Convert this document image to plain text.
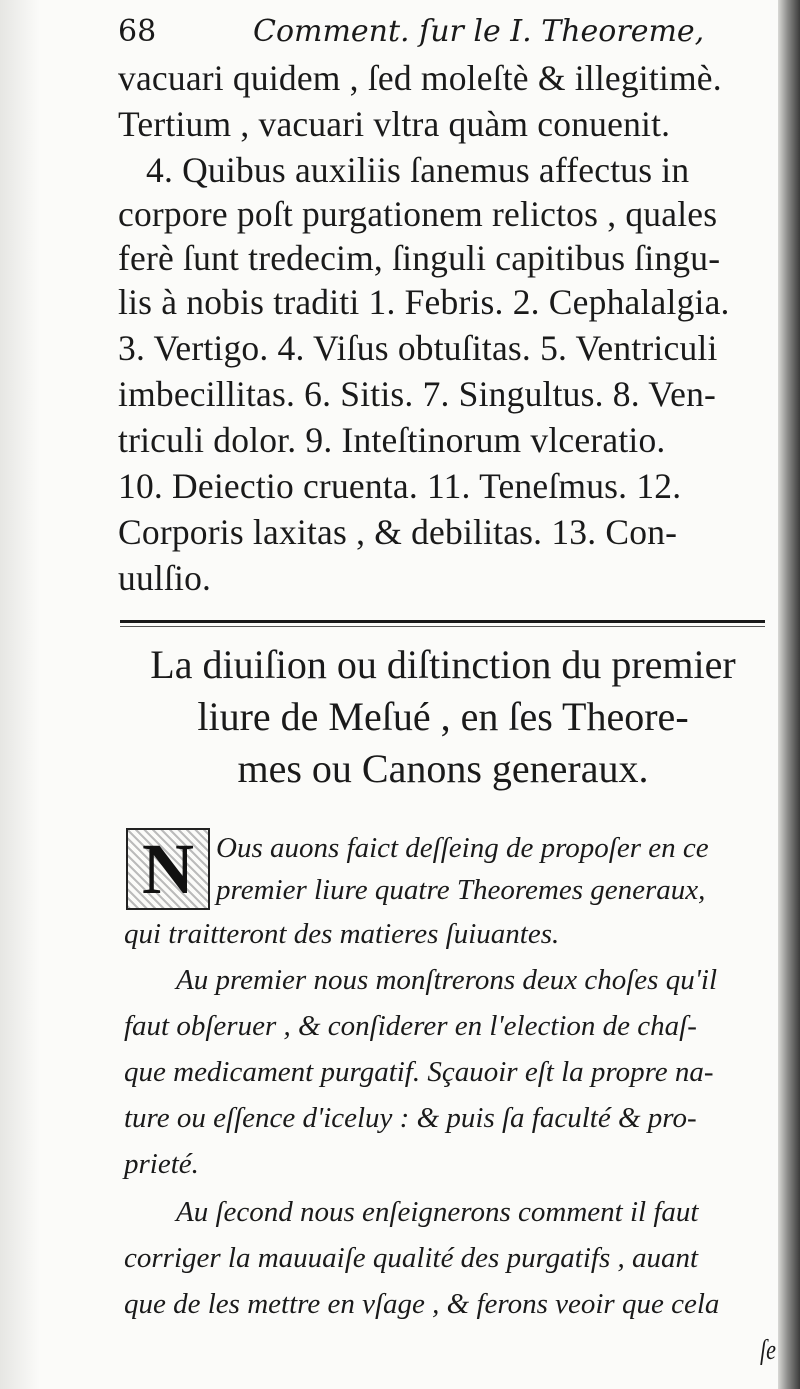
68	Comment. ſur le I. Theoreme,
vacuari quidem , ſed moleſtè & illegitimè.
Tertium , vacuari vltra quàm conuenit.
4. Quibus auxiliis ſanemus affectus in
corpore poſt purgationem relictos , quales
ferè ſunt tredecim, ſinguli capitibus ſingu-
lis à nobis traditi 1. Febris. 2. Cephalalgia.
3. Vertigo. 4. Viſus obtuſitas. 5. Ventriculi
imbecillitas. 6. Sitis. 7. Singultus. 8. Ven-
triculi dolor. 9. Inteſtinorum vlceratio.
10. Deiectio cruenta. 11. Teneſmus. 12.
Corporis laxitas , & debilitas. 13. Con-
uulſio.
La diuiſion ou diſtinction du premier
liure de Meſué , en ſes Theore-
mes ou Canons generaux.
N Ous auons faict deſſeing de propoſer en ce
premier liure quatre Theoremes generaux,
qui traitteront des matieres ſuiuantes.
Au premier nous monſtrerons deux choſes qu'il
faut obſeruer , & conſiderer en l'election de chaſ-
que medicament purgatif. Sçauoir eſt la propre na-
ture ou eſſence d'iceluy : & puis ſa faculté & pro-
prieté.
Au ſecond nous enſeignerons comment il faut
corriger la mauuaiſe qualité des purgatifs , auant
que de les mettre en vſage , & ferons veoir que cela
ſe
